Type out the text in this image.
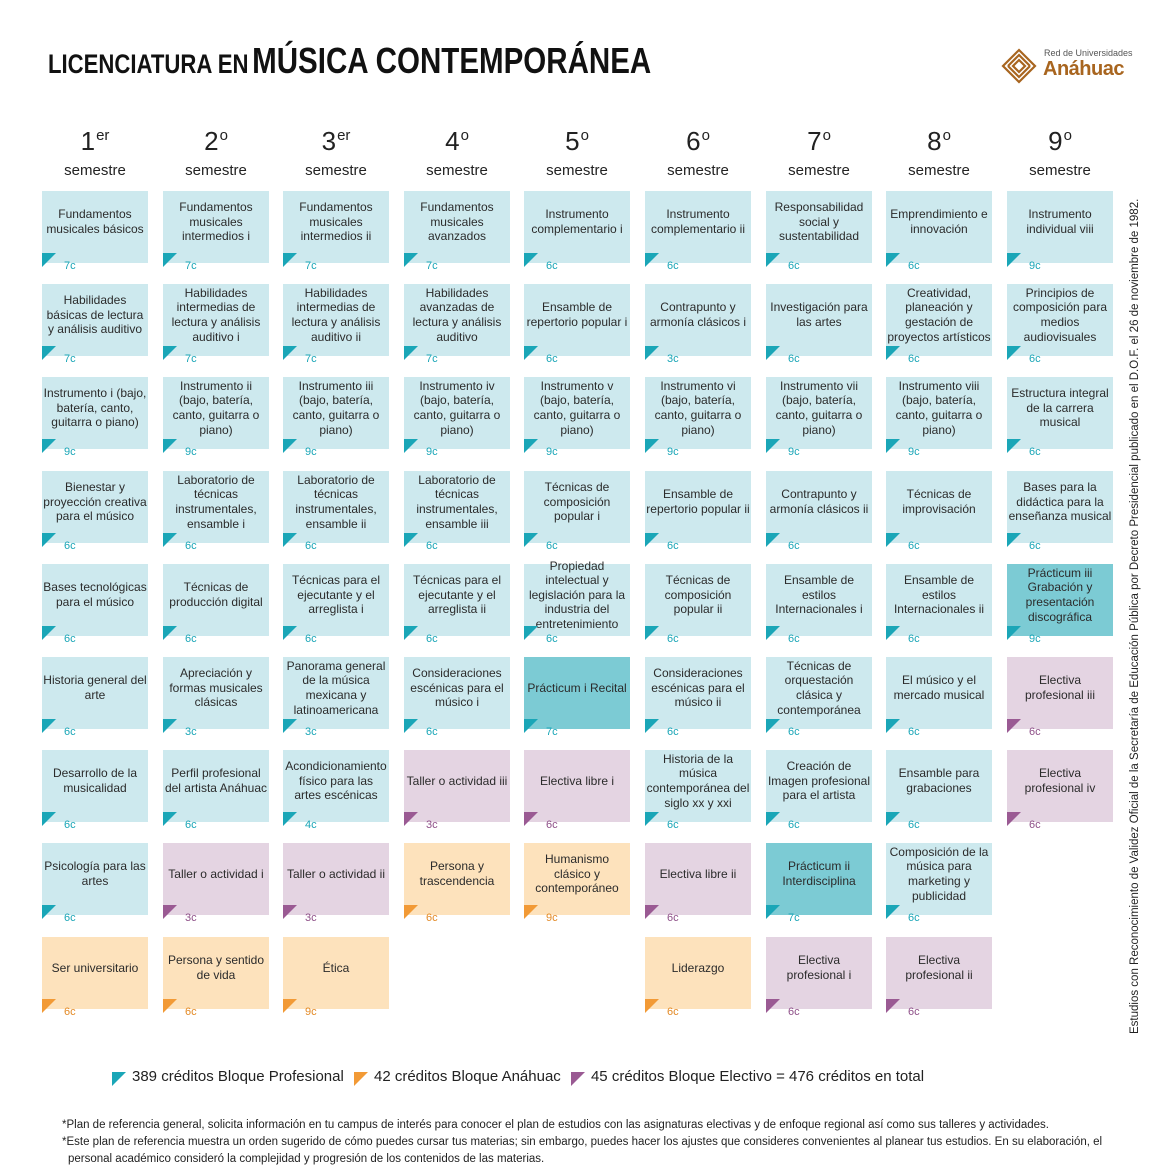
LICENCIATURA EN MÚSICA CONTEMPORÁNEA	Red de Universidades
Anáhuac
1er
semestre
Fundamentos musicales básicos
7c
Habilidades básicas de lectura y análisis auditivo
7c
Instrumento i (bajo, batería, canto, guitarra o piano)
9c
Bienestar y proyección creativa para el músico
6c
Bases tecnológicas para el músico
6c
Historia general del arte
6c
Desarrollo de la musicalidad
6c
Psicología para las artes
6c
Ser universitario
6c
2$^o$
semestre
Fundamentos musicales intermedios i
7c
Habilidades intermedias de lectura y análisis auditivo i
7c
Instrumento ii (bajo, batería, canto, guitarra o piano)
9c
Laboratorio de técnicas instrumentales, ensamble i
6c
Técnicas de producción digital
6c
Apreciación y formas musicales clásicas
3c
Perfil profesional del artista Anáhuac
6c
Taller o actividad i
3c
Persona y sentido de vida
6c
3er
semestre
Fundamentos musicales intermedios ii
7c
Habilidades intermedias de lectura y análisis auditivo ii
7c
Instrumento iii (bajo, batería, canto, guitarra o piano)
9c
Laboratorio de técnicas instrumentales, ensamble ii
6c
Técnicas para el ejecutante y el arreglista i
6c
Panorama general de la música mexicana y latinoamericana
3c
Acondicionamiento físico para las artes escénicas
4c
Taller o actividad ii
3c
Ética
9c
4$^o$
semestre
Fundamentos musicales avanzados
7c
Habilidades avanzadas de lectura y análisis auditivo
7c
Instrumento iv (bajo, batería, canto, guitarra o piano)
9c
Laboratorio de técnicas instrumentales, ensamble iii
6c
Técnicas para el ejecutante y el arreglista ii
6c
Consideraciones escénicas para el músico i
6c
Taller o actividad iii
3c
Persona y trascendencia
6c
5$^o$
semestre
Instrumento complementario i
6c
Ensamble de repertorio popular i
6c
Instrumento v (bajo, batería, canto, guitarra o piano)
9c
Técnicas de composición popular i
6c
Propiedad intelectual y legislación para la industria del entretenimiento
6c
Prácticum i Recital
7c
Electiva libre i
6c
Humanismo clásico y contemporáneo
9c
6$^o$
semestre
Instrumento complementario ii
6c
Contrapunto y armonía clásicos i
3c
Instrumento vi (bajo, batería, canto, guitarra o piano)
9c
Ensamble de repertorio popular ii
6c
Técnicas de composición popular ii
6c
Consideraciones escénicas para el músico ii
6c
Historia de la música contemporánea del siglo xx y xxi
6c
Electiva libre ii
6c
Liderazgo
6c
7$^o$
semestre
Responsabilidad social y sustentabilidad
6c
Investigación para las artes
6c
Instrumento vii (bajo, batería, canto, guitarra o piano)
9c
Contrapunto y armonía clásicos ii
6c
Ensamble de estilos Internacionales i
6c
Técnicas de orquestación clásica y contemporánea
6c
Creación de Imagen profesional para el artista
6c
Prácticum ii Interdisciplina
7c
Electiva profesional i
6c
8$^o$
semestre
Emprendimiento e innovación
6c
Creatividad, planeación y gestación de proyectos artísticos
6c
Instrumento viii (bajo, batería, canto, guitarra o piano)
9c
Técnicas de improvisación
6c
Ensamble de estilos Internacionales ii
6c
El músico y el mercado musical
6c
Ensamble para grabaciones
6c
Composición de la música para marketing y publicidad
6c
Electiva profesional ii
6c
9$^o$
semestre
Instrumento individual viii
9c
Principios de composición para medios audiovisuales
6c
Estructura integral de la carrera musical
6c
Bases para la didáctica para la enseñanza musical
6c
Prácticum iii Grabación y presentación discográfica
9c
Electiva profesional iii
6c
Electiva profesional iv
6c
389 créditos Bloque Profesional 42 créditos Bloque Anáhuac 45 créditos Bloque Electivo = 476 créditos en total

*Plan de referencia general, solicita información en tu campus de interés para conocer el plan de estudios con las asignaturas electivas y de enfoque regional así como sus talleres y actividades.

*Este plan de referencia muestra un orden sugerido de cómo puedes cursar tus materias; sin embargo, puedes hacer los ajustes que consideres convenientes al planear tus estudios. En su elaboración, el

personal académico consideró la complejidad y progresión de los contenidos de las materias.

Estudios con Reconocimiento de Validez Oficial de la Secretaría de Educación Pública por Decreto Presidencial publicado en el D.O.F. el 26 de noviembre de 1982.
